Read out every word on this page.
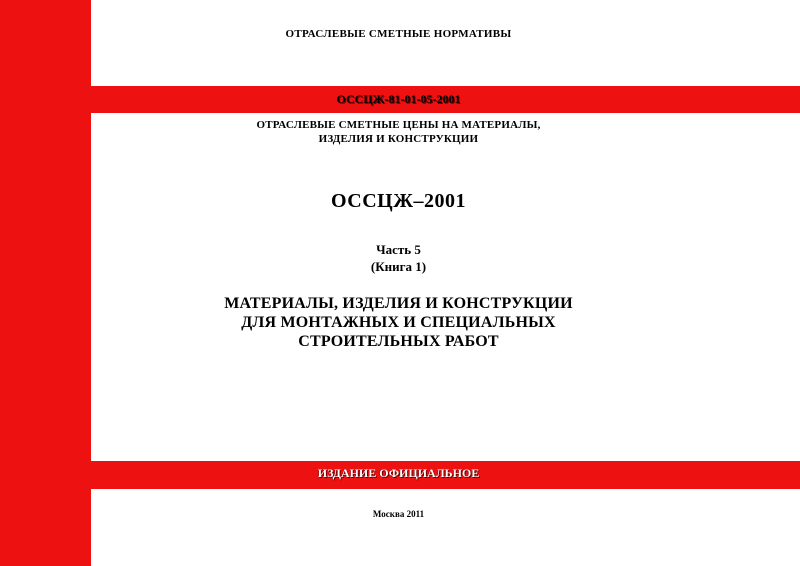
ОТРАСЛЕВЫЕ СМЕТНЫЕ НОРМАТИВЫ
ОССЦЖ-81-01-05-2001
ОТРАСЛЕВЫЕ СМЕТНЫЕ ЦЕНЫ НА МАТЕРИАЛЫ,
ИЗДЕЛИЯ И КОНСТРУКЦИИ
ОССЦЖ–2001
Часть 5
(Книга 1)
МАТЕРИАЛЫ, ИЗДЕЛИЯ И КОНСТРУКЦИИ
ДЛЯ МОНТАЖНЫХ И СПЕЦИАЛЬНЫХ
СТРОИТЕЛЬНЫХ РАБОТ
ИЗДАНИЕ ОФИЦИАЛЬНОЕ
Москва 2011
